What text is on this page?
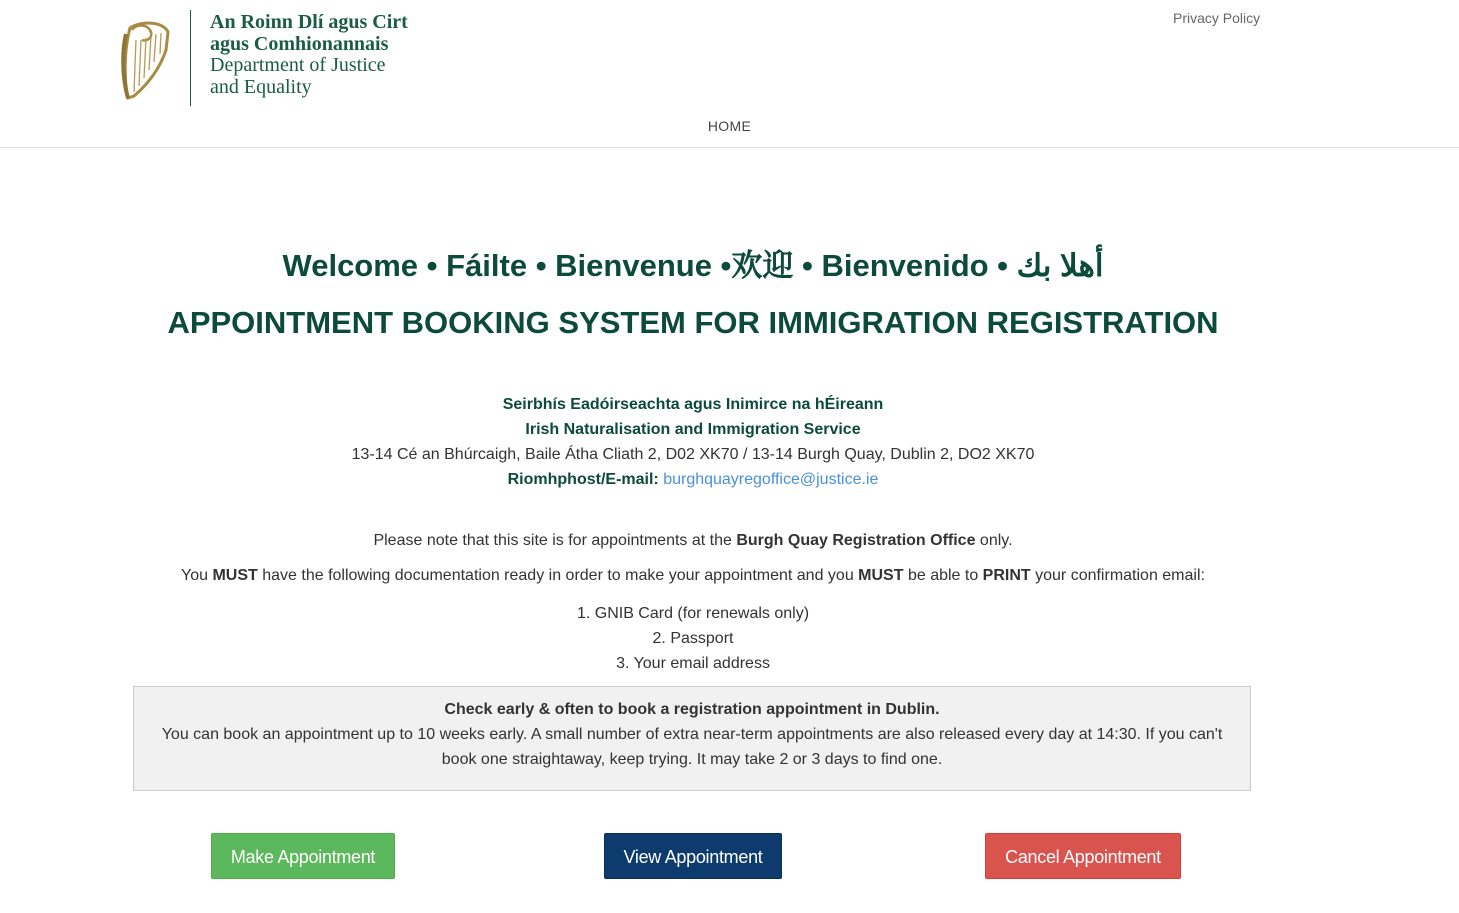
An Roinn Dlí agus Cirt
agus Comhionannais
Department of Justice
and Equality
Privacy Policy
HOME
Welcome • Fáilte • Bienvenue •欢迎 • Bienvenido • أهلا بك
APPOINTMENT BOOKING SYSTEM FOR IMMIGRATION REGISTRATION
Seirbhís Eadóirseachta agus Inimirce na hÉireann
Irish Naturalisation and Immigration Service
13-14 Cé an Bhúrcaigh, Baile Átha Cliath 2, D02 XK70 / 13-14 Burgh Quay, Dublin 2, DO2 XK70
Riomhphost/E-mail: burghquayregoffice@justice.ie
Please note that this site is for appointments at the Burgh Quay Registration Office only.
You MUST have the following documentation ready in order to make your appointment and you MUST be able to PRINT your confirmation email:
1. GNIB Card (for renewals only)
2. Passport
3. Your email address
Check early & often to book a registration appointment in Dublin.
You can book an appointment up to 10 weeks early. A small number of extra near-term appointments are also released every day at 14:30. If you can't book one straightaway, keep trying. It may take 2 or 3 days to find one.
Make Appointment	View Appointment	Cancel Appointment
